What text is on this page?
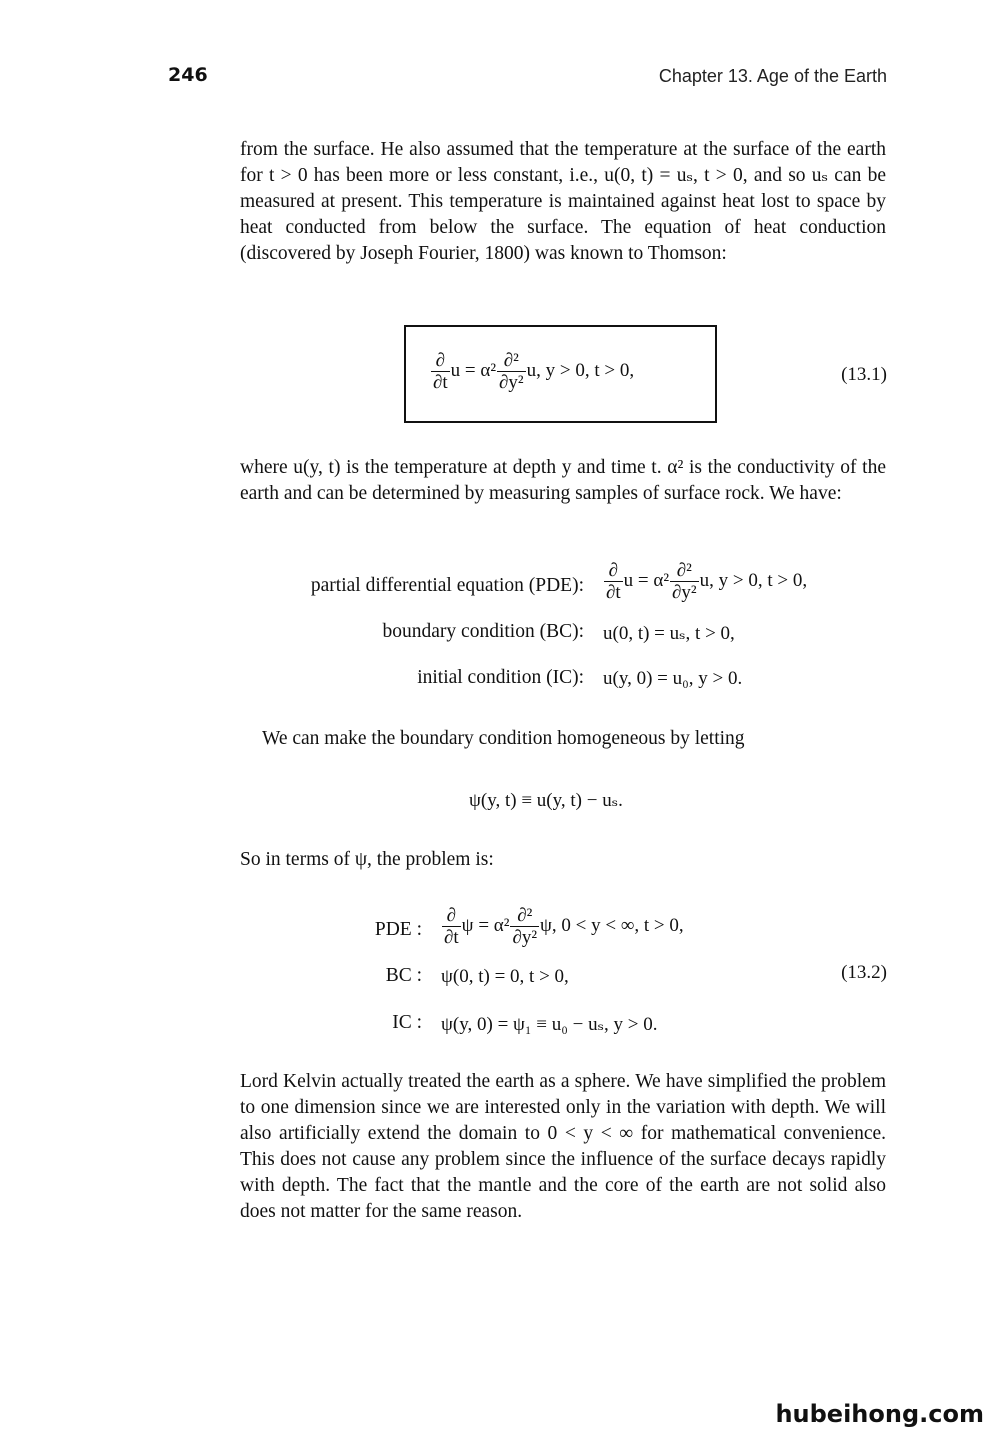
246	Chapter 13. Age of the Earth

from the surface. He also assumed that the temperature at the surface of the earth for t > 0 has been more or less constant, i.e., u(0, t) = uₛ, t > 0, and so uₛ can be measured at present. This temperature is maintained against heat lost to space by heat conducted from below the surface. The equation of heat conduction (discovered by Joseph Fourier, 1800) was known to Thomson:

$\frac{\partial}{\partial t}$ $u = \alpha^2 \frac{\text{∂²}}{\text{∂y²}} u$, y > 0, t > 0,	(13.1)

where u(y, t) is the temperature at depth y and time t. α² is the conductivity of the earth and can be determined by measuring samples of surface rock. We have:

partial differential equation (PDE): $\frac{\partial}{\partial t}$ $u = \alpha^2 \frac{\text{∂²}}{\text{∂y²}} u$, y > 0, t > 0,
boundary condition (BC): u(0, t) = uₛ, t > 0,
initial condition (IC): u(y, 0) = u₀, y > 0.

We can make the boundary condition homogeneous by letting

ψ(y, t) ≡ u(y, t) − uₛ.

So in terms of ψ, the problem is:

PDE : $\frac{\partial}{\partial t}$ $\psi = \alpha^2 \frac{\text{∂²}}{\text{∂y²}} \psi$, 0 < y < ∞, t > 0,
BC : ψ(0, t) = 0, t > 0,	(13.2)
IC : ψ(y, 0) = ψ₁ ≡ u₀ − uₛ, y > 0.

Lord Kelvin actually treated the earth as a sphere. We have simplified the problem to one dimension since we are interested only in the variation with depth. We will also artificially extend the domain to 0 < y < ∞ for mathematical convenience. This does not cause any problem since the influence of the surface decays rapidly with depth. The fact that the mantle and the core of the earth are not solid also does not matter for the same reason.

hubeihong.com
